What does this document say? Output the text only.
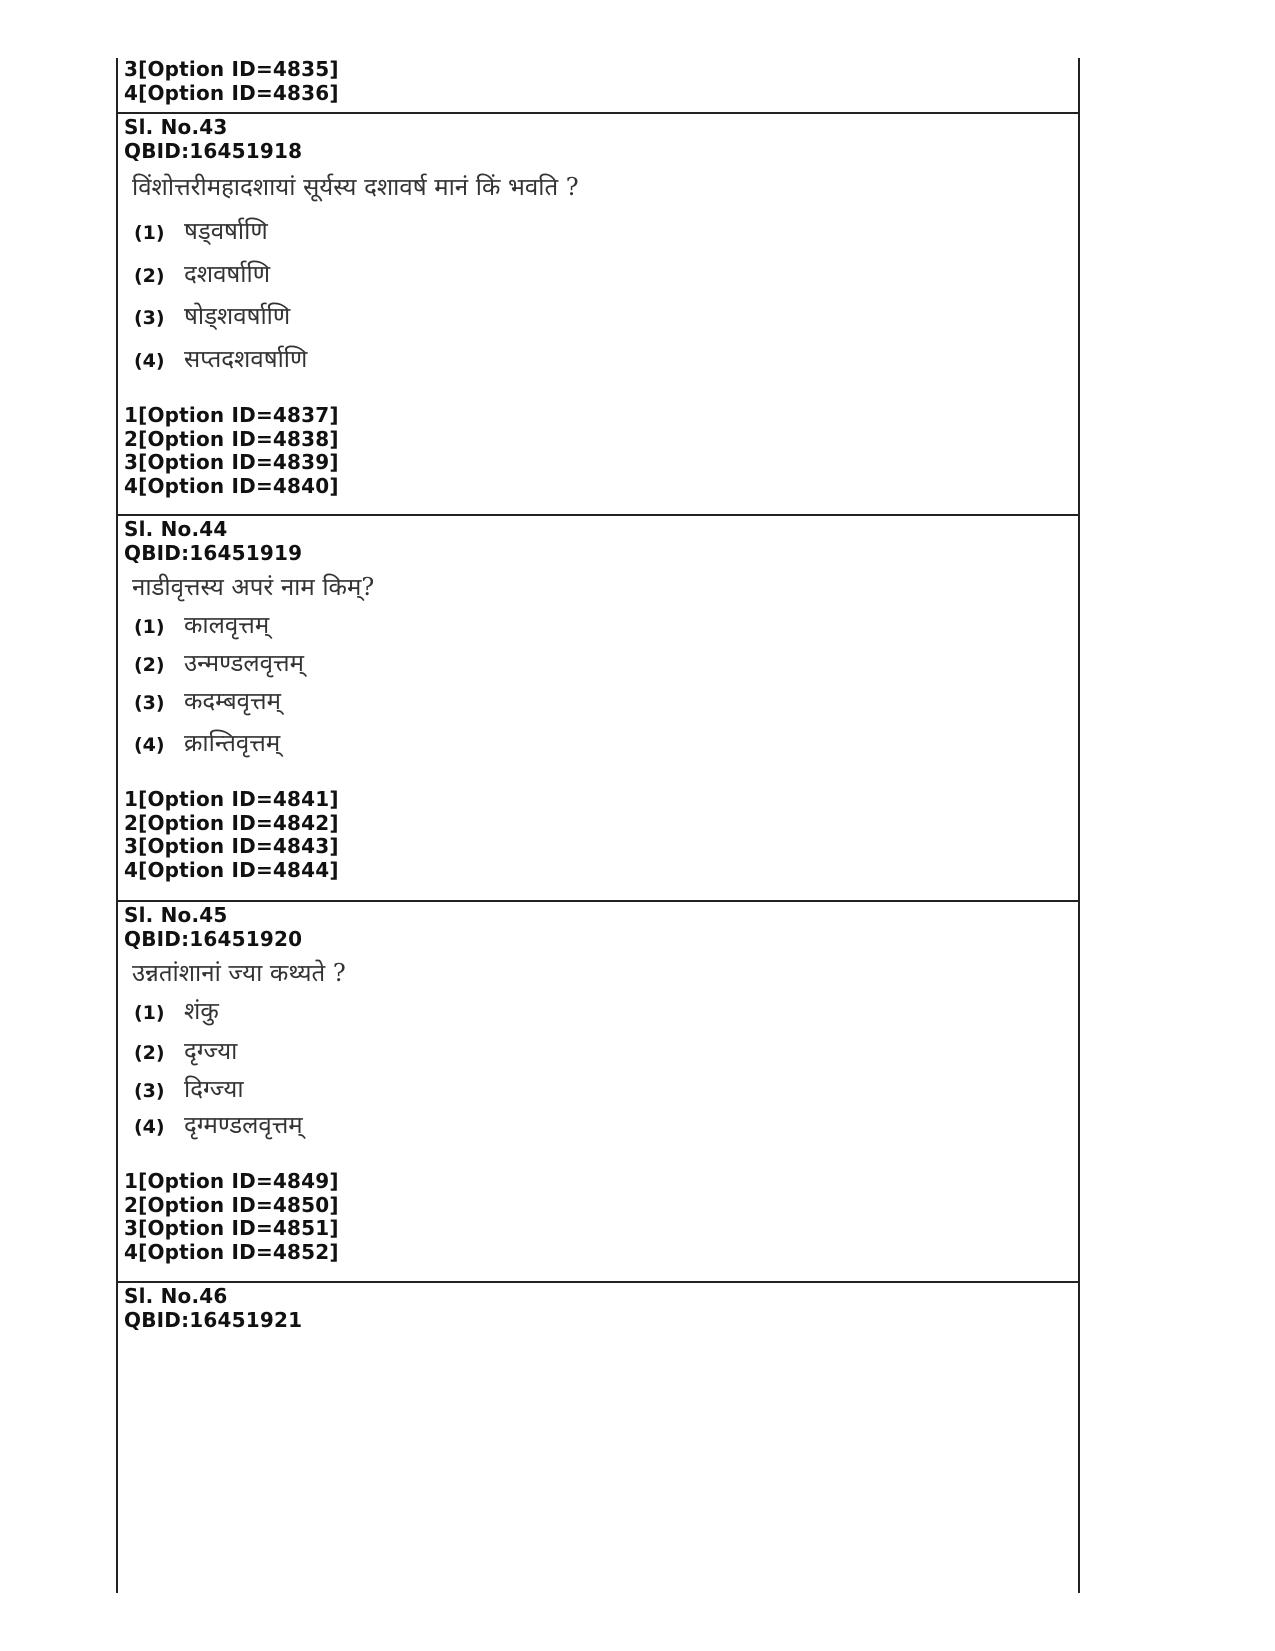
3[Option ID=4835]
4[Option ID=4836]
Sl. No.43
QBID:16451918
विंशोत्तरीमहादशायां सूर्यस्य दशावर्ष मानं किं भवति ?
(1) षड्वर्षाणि
(2) दशवर्षाणि
(3) षोड्शवर्षाणि
(4) सप्तदशवर्षाणि
1[Option ID=4837]
2[Option ID=4838]
3[Option ID=4839]
4[Option ID=4840]
Sl. No.44
QBID:16451919
नाडीवृत्तस्य अपरं नाम किम्?
(1) कालवृत्तम्
(2) उन्मण्डलवृत्तम्
(3) कदम्बवृत्तम्
(4) क्रान्तिवृत्तम्
1[Option ID=4841]
2[Option ID=4842]
3[Option ID=4843]
4[Option ID=4844]
Sl. No.45
QBID:16451920
उन्नतांशानां ज्या कथ्यते ?
(1) शंकु
(2) दृग्ज्या
(3) दिग्ज्या
(4) दृग्मण्डलवृत्तम्
1[Option ID=4849]
2[Option ID=4850]
3[Option ID=4851]
4[Option ID=4852]
Sl. No.46
QBID:16451921
